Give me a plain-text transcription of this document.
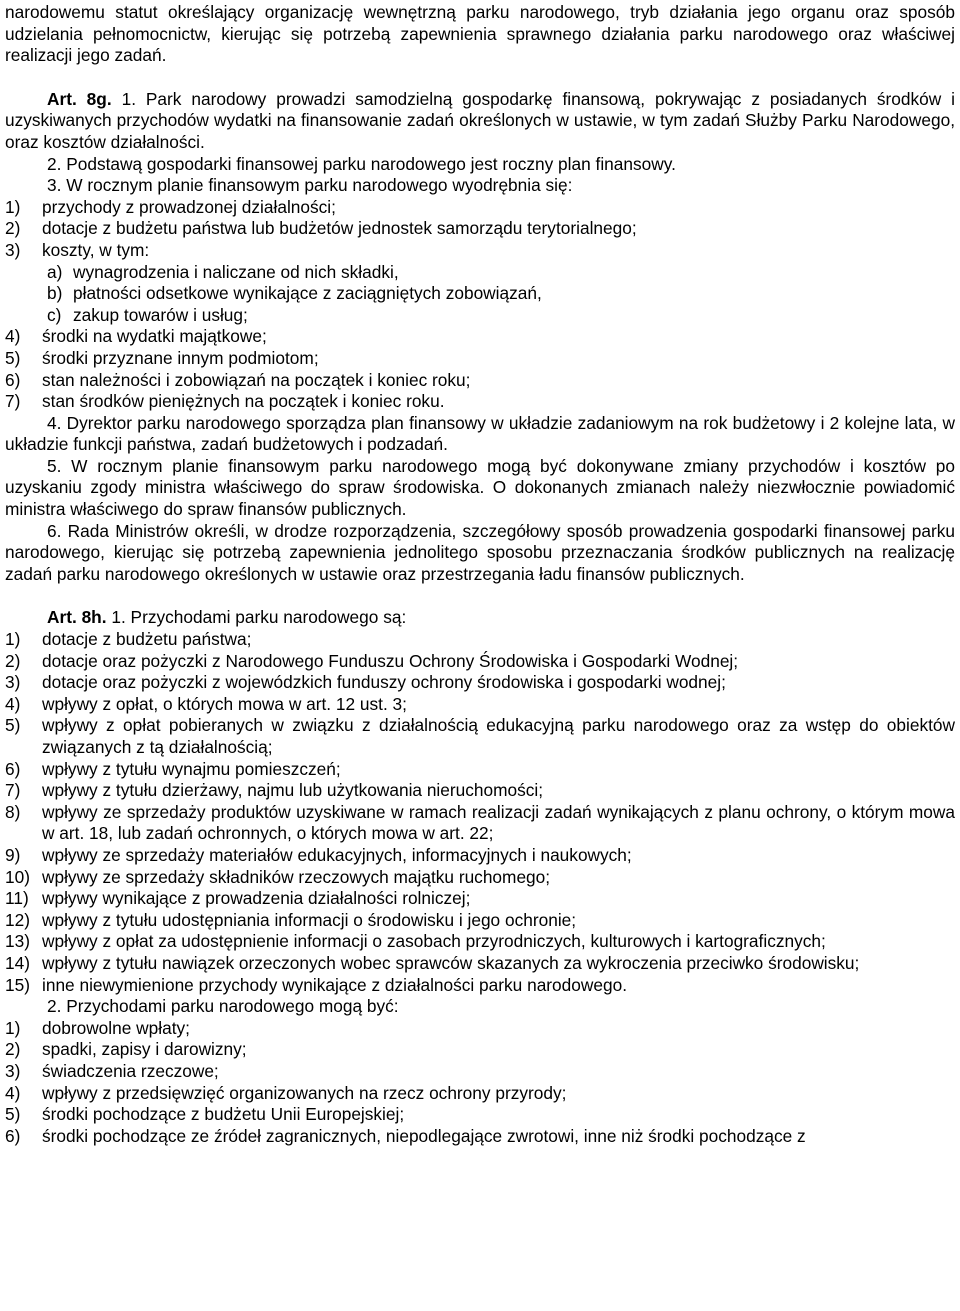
narodowemu statut określający organizację wewnętrzną parku narodowego, tryb działania jego organu oraz sposób udzielania pełnomocnictw, kierując się potrzebą zapewnienia sprawnego działania parku narodowego oraz właściwej realizacji jego zadań.

Art. 8g. 1. Park narodowy prowadzi samodzielną gospodarkę finansową, pokrywając z posiadanych środków i uzyskiwanych przychodów wydatki na finansowanie zadań określonych w ustawie, w tym zadań Służby Parku Narodowego, oraz kosztów działalności.

2. Podstawą gospodarki finansowej parku narodowego jest roczny plan finansowy.

3. W rocznym planie finansowym parku narodowego wyodrębnia się:

1)	przychody z prowadzonej działalności;
2)	dotacje z budżetu państwa lub budżetów jednostek samorządu terytorialnego;
3)	koszty, w tym:
a) wynagrodzenia i naliczane od nich składki,
b) płatności odsetkowe wynikające z zaciągniętych zobowiązań,
c) zakup towarów i usług;
4)	środki na wydatki majątkowe;
5)	środki przyznane innym podmiotom;
6)	stan należności i zobowiązań na początek i koniec roku;
7)	stan środków pieniężnych na początek i koniec roku.

4. Dyrektor parku narodowego sporządza plan finansowy w układzie zadaniowym na rok budżetowy i 2 kolejne lata, w układzie funkcji państwa, zadań budżetowych i podzadań.

5. W rocznym planie finansowym parku narodowego mogą być dokonywane zmiany przychodów i kosztów po uzyskaniu zgody ministra właściwego do spraw środowiska. O dokonanych zmianach należy niezwłocznie powiadomić ministra właściwego do spraw finansów publicznych.

6. Rada Ministrów określi, w drodze rozporządzenia, szczegółowy sposób prowadzenia gospodarki finansowej parku narodowego, kierując się potrzebą zapewnienia jednolitego sposobu przeznaczania środków publicznych na realizację zadań parku narodowego określonych w ustawie oraz przestrzegania ładu finansów publicznych.

Art. 8h. 1. Przychodami parku narodowego są:

1)	dotacje z budżetu państwa;
2)	dotacje oraz pożyczki z Narodowego Funduszu Ochrony Środowiska i Gospodarki Wodnej;
3)	dotacje oraz pożyczki z wojewódzkich funduszy ochrony środowiska i gospodarki wodnej;
4)	wpływy z opłat, o których mowa w art. 12 ust. 3;
5)	wpływy z opłat pobieranych w związku z działalnością edukacyjną parku narodowego oraz za wstęp do obiektów związanych z tą działalnością;
6)	wpływy z tytułu wynajmu pomieszczeń;
7)	wpływy z tytułu dzierżawy, najmu lub użytkowania nieruchomości;
8)	wpływy ze sprzedaży produktów uzyskiwane w ramach realizacji zadań wynikających z planu ochrony, o którym mowa w art. 18, lub zadań ochronnych, o których mowa w art. 22;
9)	wpływy ze sprzedaży materiałów edukacyjnych, informacyjnych i naukowych;
10) wpływy ze sprzedaży składników rzeczowych majątku ruchomego;
11) wpływy wynikające z prowadzenia działalności rolniczej;
12) wpływy z tytułu udostępniania informacji o środowisku i jego ochronie;
13) wpływy z opłat za udostępnienie informacji o zasobach przyrodniczych, kulturowych i kartograficznych;
14) wpływy z tytułu nawiązek orzeczonych wobec sprawców skazanych za wykroczenia przeciwko środowisku;
15) inne niewymienione przychody wynikające z działalności parku narodowego.

2. Przychodami parku narodowego mogą być:

1)	dobrowolne wpłaty;
2)	spadki, zapisy i darowizny;
3)	świadczenia rzeczowe;
4)	wpływy z przedsięwzięć organizowanych na rzecz ochrony przyrody;
5)	środki pochodzące z budżetu Unii Europejskiej;
6)	środki pochodzące ze źródeł zagranicznych, niepodlegające zwrotowi, inne niż środki pochodzące z
